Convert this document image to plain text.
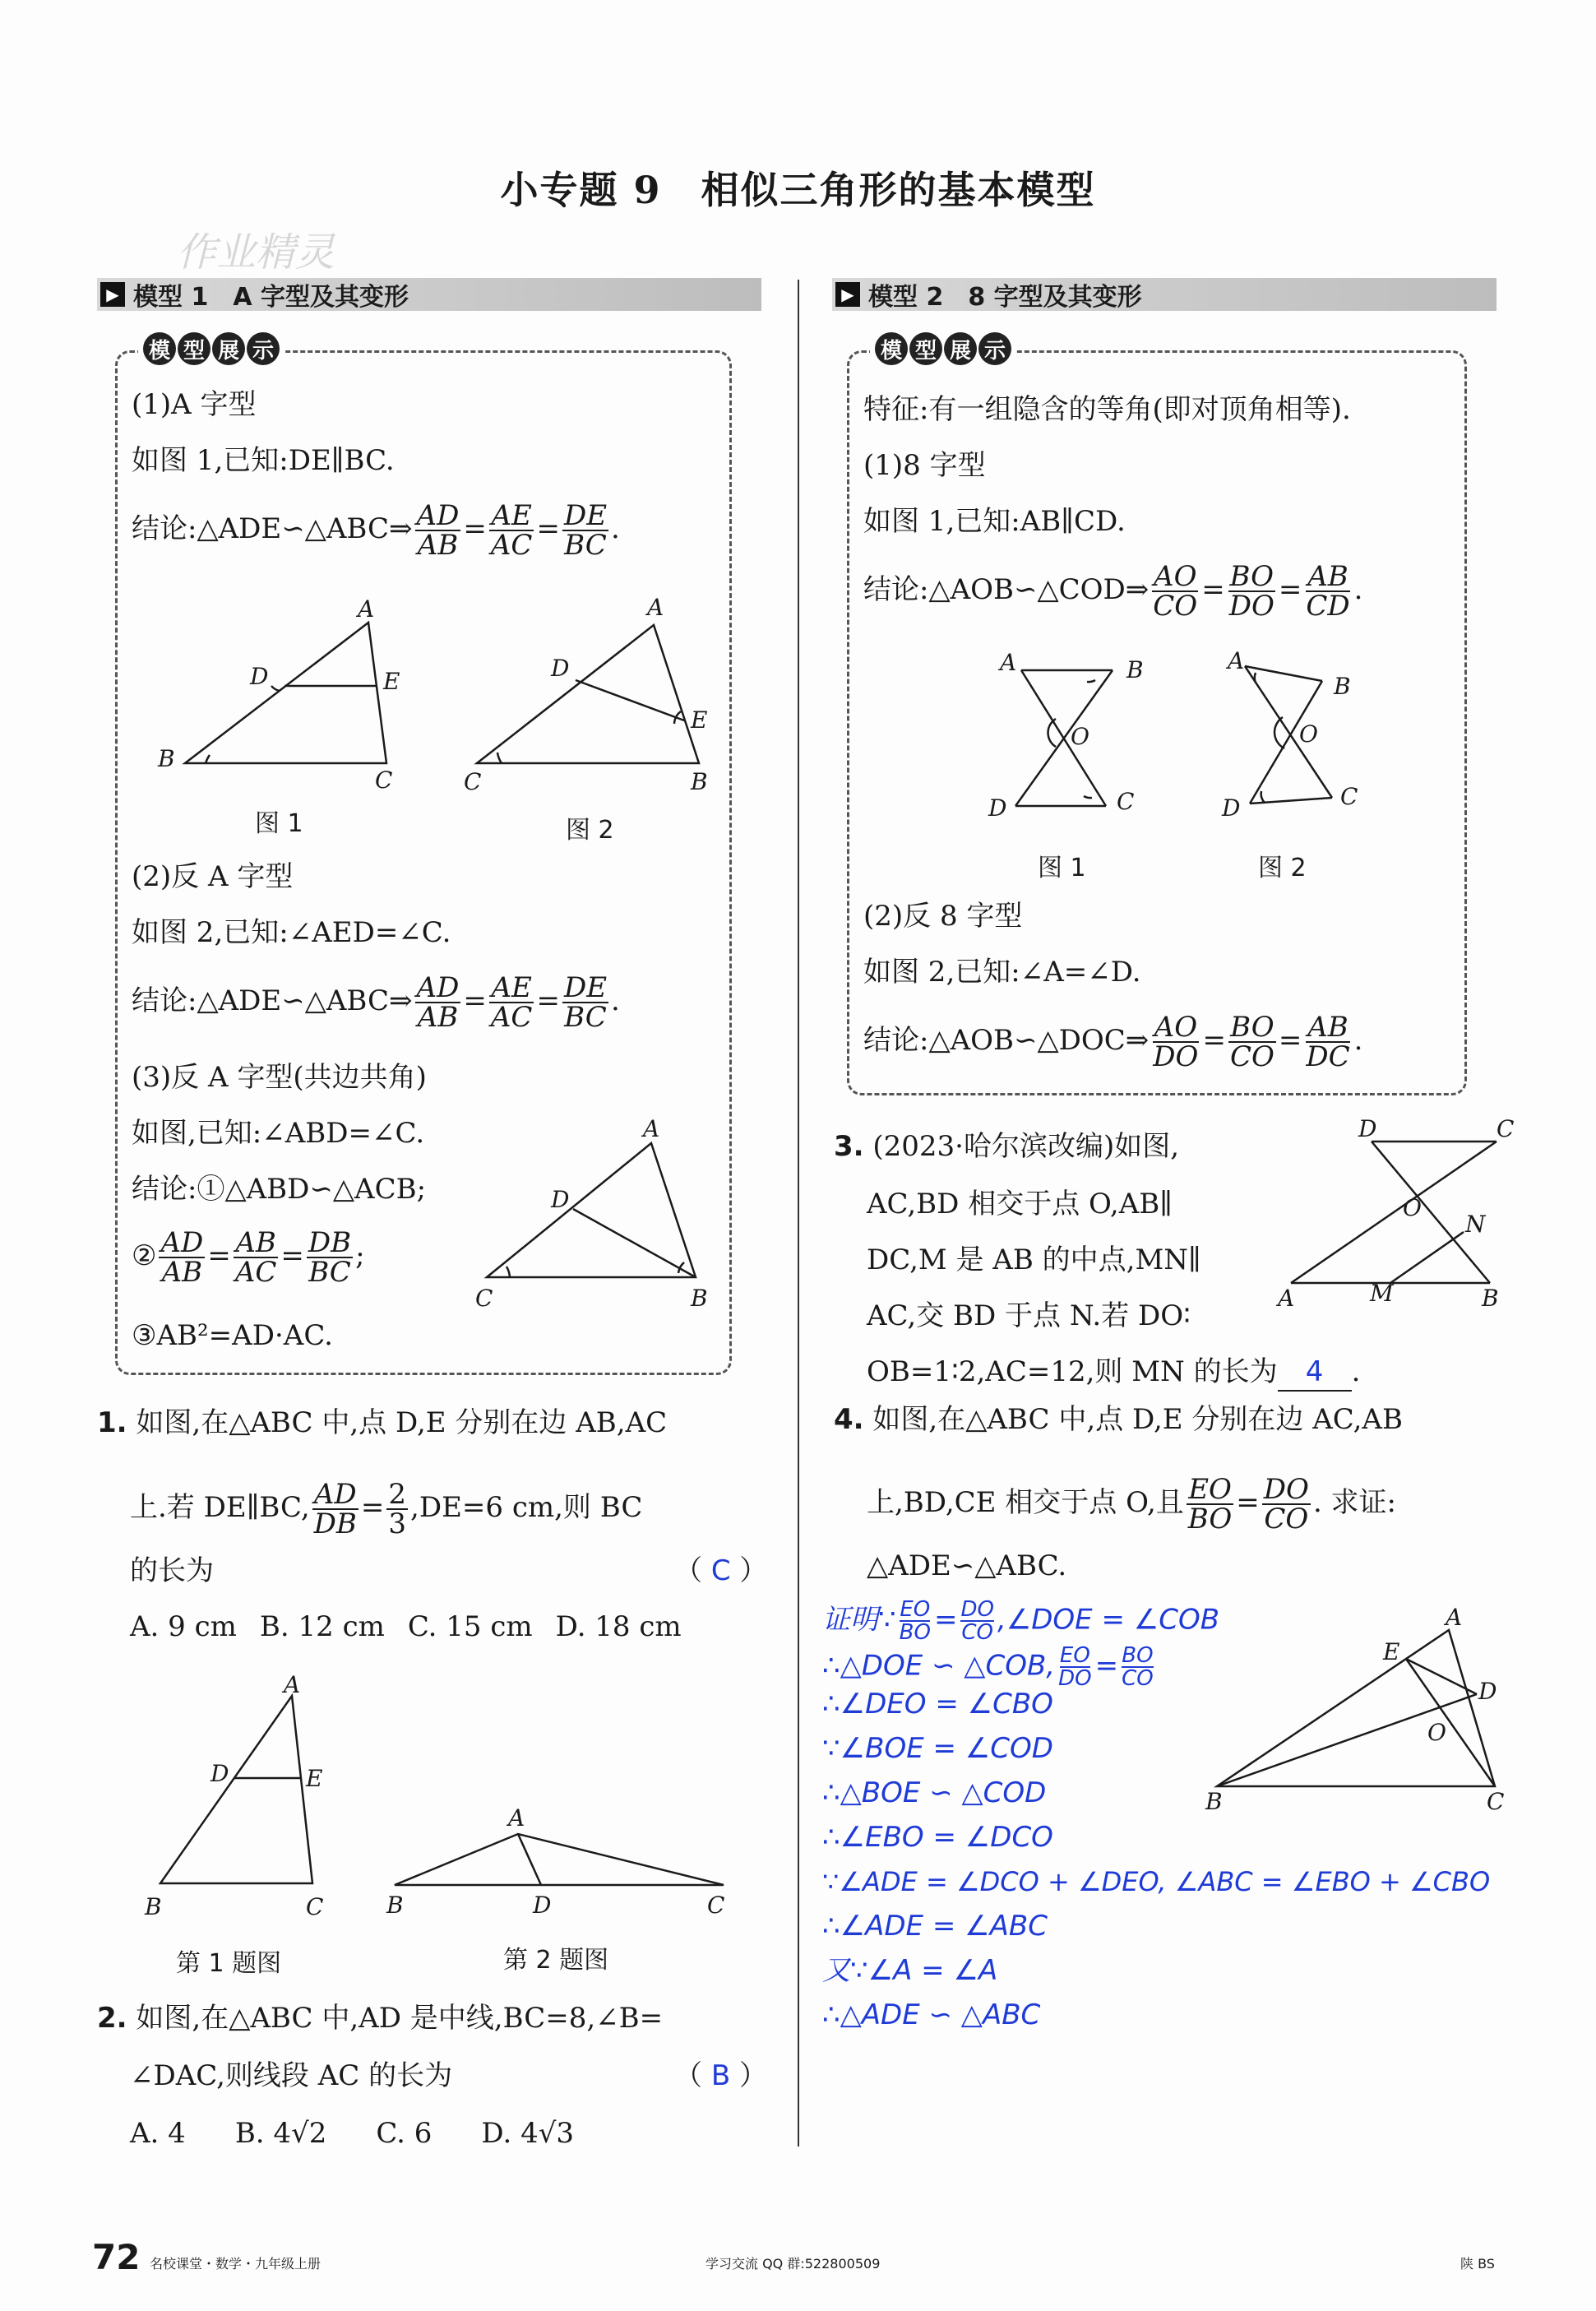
小专题 9　相似三角形的基本模型
作业精灵
▶ 模型 1　A 字型及其变形
模 型 展 示
(1)A 字型
如图 1,已知:DE∥BC.
结论:△ADE∽△ABC⇒ $\frac{AD}{AB} = \frac{AE}{AC} = \frac{DE}{BC}$ .
A
D	E
B
C
A
D
E
C	B
图 1	图 2
(2)反 A 字型
如图 2,已知:∠AED=∠C.
结论:△ADE∽△ABC⇒ $\frac{AD}{AB} = \frac{AE}{AC} = \frac{DE}{BC}$ .
(3)反 A 字型(共边共角)
如图,已知:∠ABD=∠C.
结论:①△ABD∽△ACB;
② $\frac{AD}{AB} = \frac{AB}{AC} = \frac{DB}{BC}$ ;
③AB²=AD·AC.
A
D
C	B
▶ 模型 2　8 字型及其变形
模 型 展 示
特征:有一组隐含的等角(即对顶角相等).
(1)8 字型
如图 1,已知:AB∥CD.
结论:△AOB∽△COD⇒ $\frac{AO}{CO} = \frac{BO}{DO} = \frac{AB}{CD}$ .
A	B
O
D	C
A
B
O
D	C
图 1	图 2
(2)反 8 字型
如图 2,已知:∠A=∠D.
结论:△AOB∽△DOC⇒ $\frac{AO}{DO} = \frac{BO}{CO} = \frac{AB}{DC}$ .
1. 如图,在△ABC 中,点 D,E 分别在边 AB,AC
上.若 DE∥BC, $\frac{AD}{DB} = \frac{2}{3} ,DE=6$ cm,则 BC
的长为	（ C ）
A. 9 cm B. 12 cm C. 15 cm D. 18 cm
A
D	E
B	C
A
B	D	C
第 1 题图	第 2 题图
2. 如图,在△ABC 中,AD 是中线,BC=8,∠B=
∠DAC,则线段 AC 的长为	（ B ）
A. 4 B. 4√2 C. 6 D. 4√3
3. (2023·哈尔滨改编)如图,
AC,BD 相交于点 O,AB∥
DC,M 是 AB 的中点,MN∥
AC,交 BD 于点 N.若 DO∶
OB=1∶2,AC=12,则 MN 的长为 4 .
D	C
O
N
A	M	B
4. 如图,在△ABC 中,点 D,E 分别在边 AC,AB
上,BD,CE 相交于点 O,且 $\frac{EO}{BO} = \frac{DO}{CO}$ . 求证:
△ADE∽△ABC.
证明∵ $\frac{EO}{BO} = \frac{DO}{CO}$ ,∠DOE = ∠COB
∴△DOE ∽ △COB, $\frac{EO}{DO} = \frac{BO}{CO}$
∴∠DEO = ∠CBO
∵∠BOE = ∠COD
∴△BOE ∽ △COD
∴∠EBO = ∠DCO
∵∠ADE = ∠DCO + ∠DEO, ∠ABC = ∠EBO + ∠CBO
∴∠ADE = ∠ABC
又∵∠A = ∠A
∴△ADE ∽ △ABC
A
E
D
O
B	C
72 名校课堂・数学・九年级上册	学习交流 QQ 群:522800509	陕 BS
